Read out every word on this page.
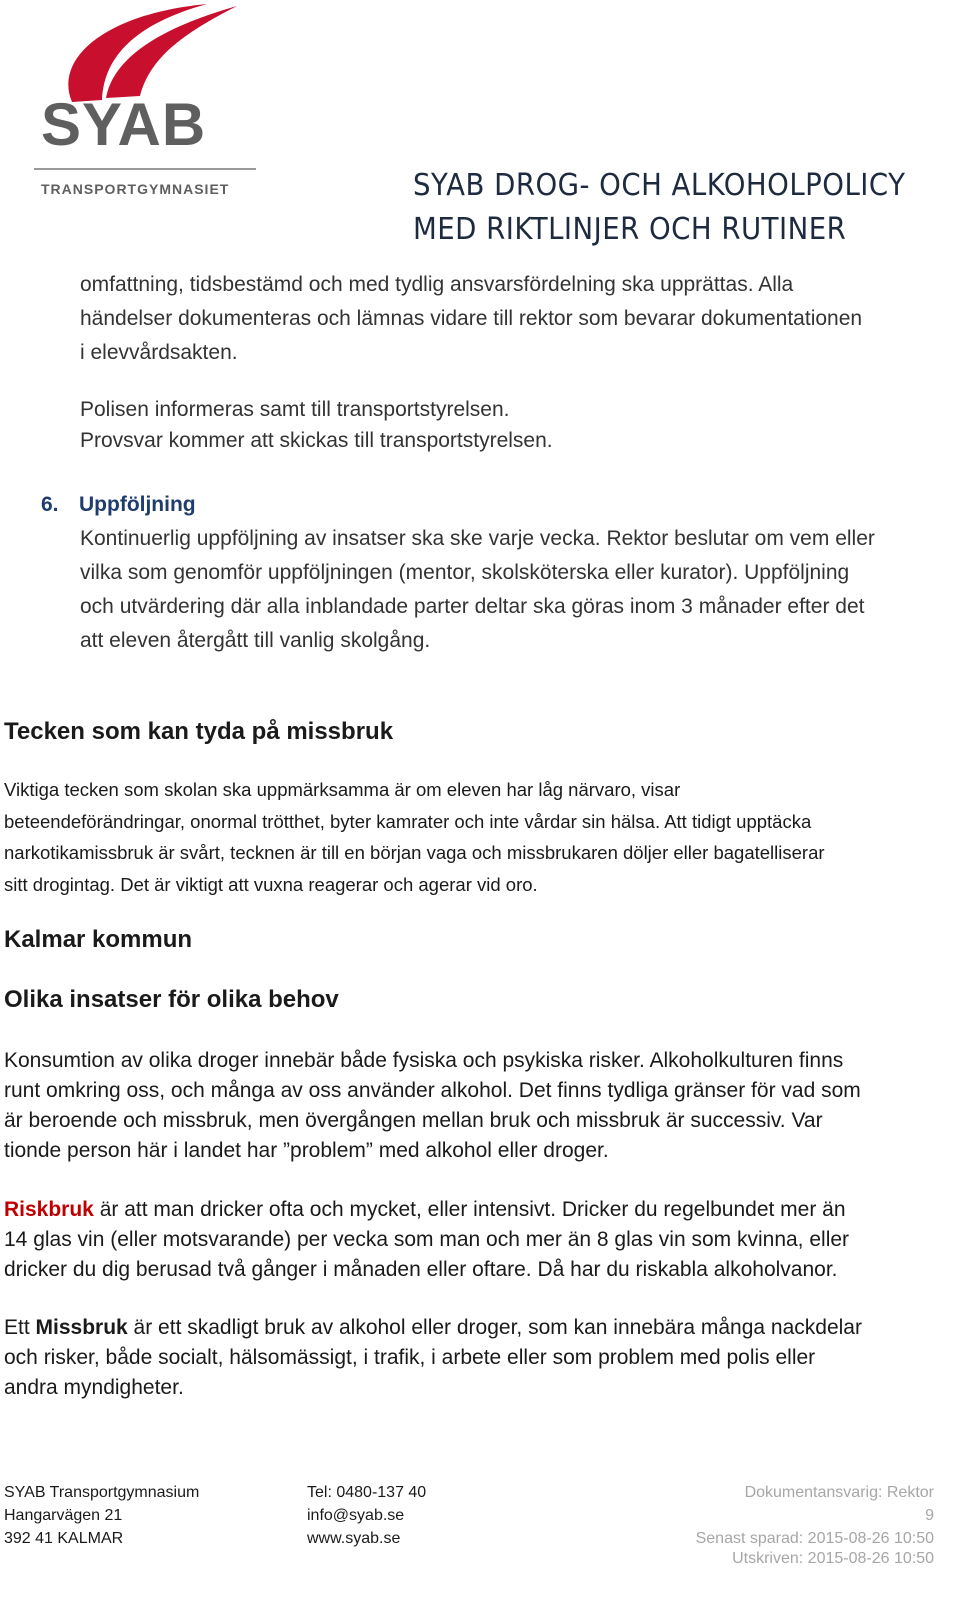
SYAB
TRANSPORTGYMNASIET	SYAB DROG- OCH ALKOHOLPOLICY
MED RIKTLINJER OCH RUTINER
omfattning, tidsbestämd och med tydlig ansvarsfördelning ska upprättas. Alla
händelser dokumenteras och lämnas vidare till rektor som bevarar dokumentationen
i elevvårdsakten.
Polisen informeras samt till transportstyrelsen.
Provsvar kommer att skickas till transportstyrelsen.
6. Uppföljning
Kontinuerlig uppföljning av insatser ska ske varje vecka. Rektor beslutar om vem eller
vilka som genomför uppföljningen (mentor, skolsköterska eller kurator). Uppföljning
och utvärdering där alla inblandade parter deltar ska göras inom 3 månader efter det
att eleven återgått till vanlig skolgång.
Tecken som kan tyda på missbruk
Viktiga tecken som skolan ska uppmärksamma är om eleven har låg närvaro, visar
beteendeförändringar, onormal trötthet, byter kamrater och inte vårdar sin hälsa. Att tidigt upptäcka
narkotikamissbruk är svårt, tecknen är till en början vaga och missbrukaren döljer eller bagatelliserar
sitt drogintag. Det är viktigt att vuxna reagerar och agerar vid oro.
Kalmar kommun
Olika insatser för olika behov
Konsumtion av olika droger innebär både fysiska och psykiska risker. Alkoholkulturen finns
runt omkring oss, och många av oss använder alkohol. Det finns tydliga gränser för vad som
är beroende och missbruk, men övergången mellan bruk och missbruk är successiv. Var
tionde person här i landet har ”problem” med alkohol eller droger.
Riskbruk är att man dricker ofta och mycket, eller intensivt. Dricker du regelbundet mer än
14 glas vin (eller motsvarande) per vecka som man och mer än 8 glas vin som kvinna, eller
dricker du dig berusad två gånger i månaden eller oftare. Då har du riskabla alkoholvanor.
Ett Missbruk är ett skadligt bruk av alkohol eller droger, som kan innebära många nackdelar
och risker, både socialt, hälsomässigt, i trafik, i arbete eller som problem med polis eller
andra myndigheter.
SYAB Transportgymnasium
Hangarvägen 21
392 41 KALMAR
Tel: 0480-137 40
info@syab.se
www.syab.se
Dokumentansvarig: Rektor
9
Senast sparad: 2015-08-26 10:50
Utskriven: 2015-08-26 10:50
